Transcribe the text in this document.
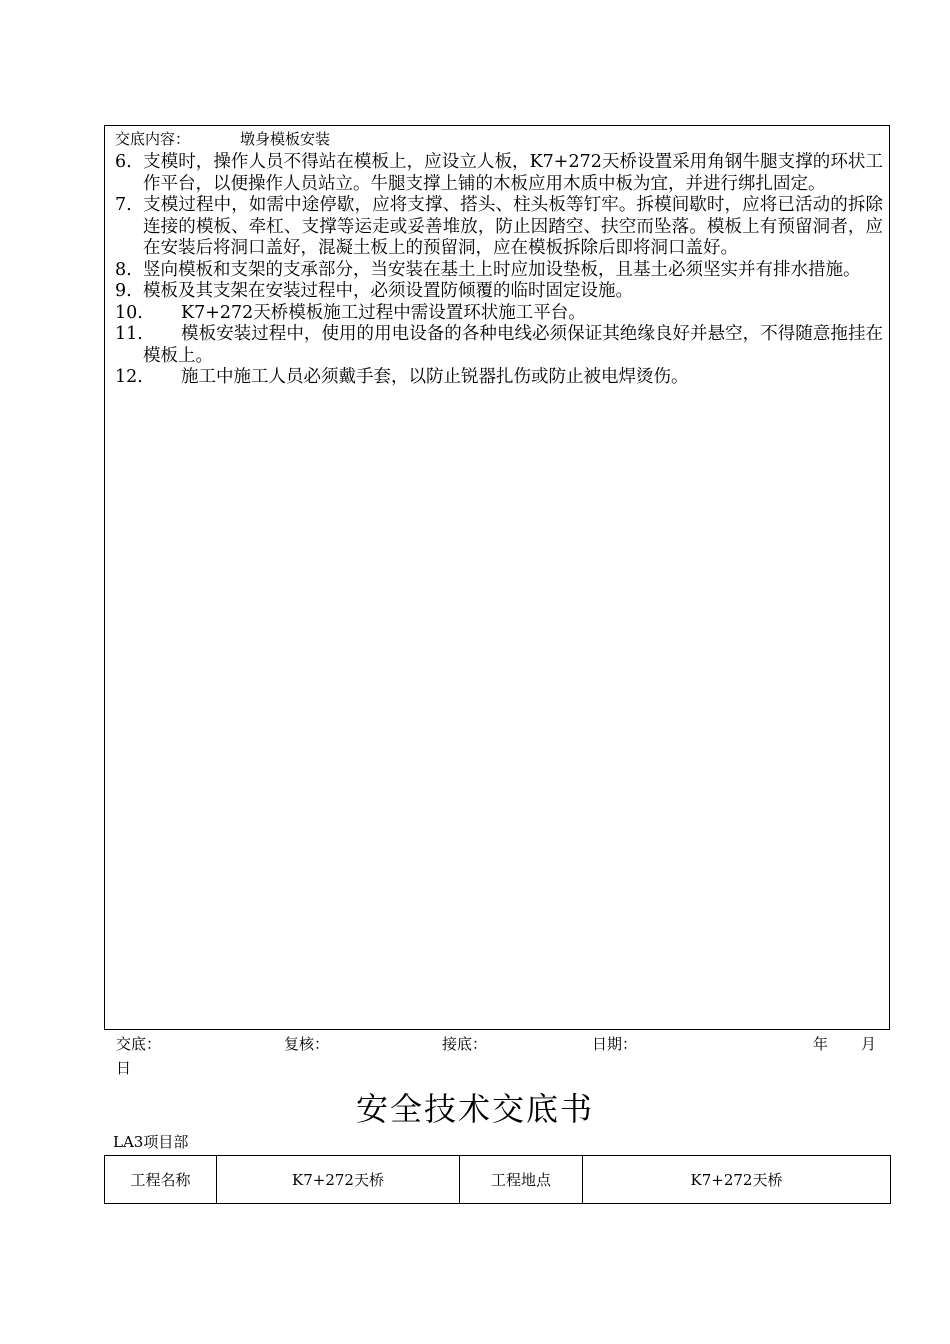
交底内容：	墩身模板安装
6. 支模时，操作人员不得站在模板上，应设立人板，K7+272天桥设置采用角钢牛腿支撑的环状工作平台，以便操作人员站立。牛腿支撑上铺的木板应用木质中板为宜，并进行绑扎固定。
7. 支模过程中，如需中途停歇，应将支撑、搭头、柱头板等钉牢。拆模间歇时，应将已活动的拆除连接的模板、牵杠、支撑等运走或妥善堆放，防止因踏空、扶空而坠落。模板上有预留洞者，应在安装后将洞口盖好，混凝土板上的预留洞，应在模板拆除后即将洞口盖好。
8. 竖向模板和支架的支承部分，当安装在基土上时应加设垫板，且基土必须坚实并有排水措施。
9. 模板及其支架在安装过程中，必须设置防倾覆的临时固定设施。
10. K7+272天桥模板施工过程中需设置环状施工平台。
11. 模板安装过程中，使用的用电设备的各种电线必须保证其绝缘良好并悬空，不得随意拖挂在模板上。
12. 施工中施工人员必须戴手套，以防止锐器扎伤或防止被电焊烫伤。
交底：	复核：	接底：	日期：	年 月
日
安全技术交底书
LA3项目部
工程名称	K7+272天桥	工程地点	K7+272天桥
